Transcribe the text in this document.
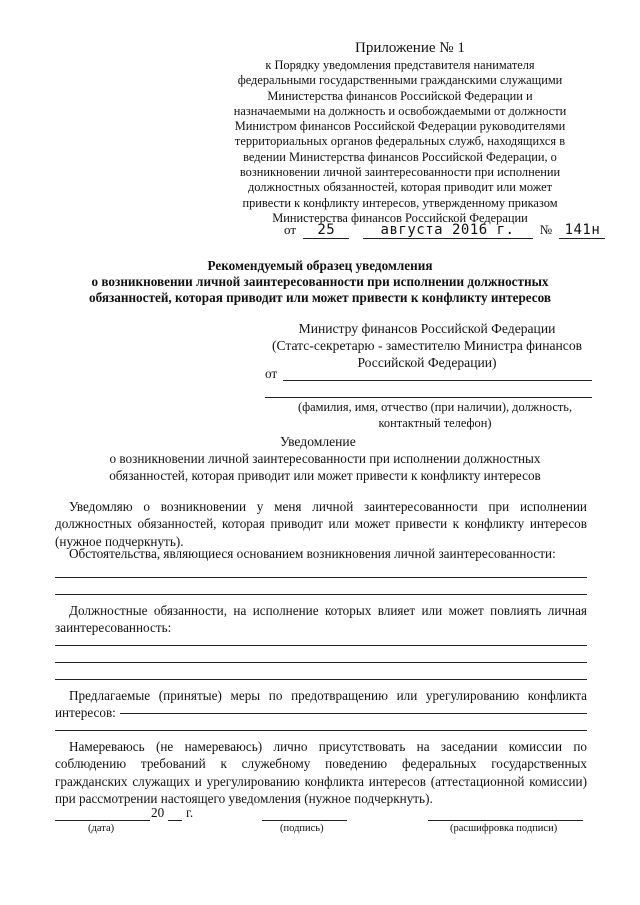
Приложение № 1
к Порядку уведомления представителя нанимателя
федеральными государственными гражданскими служащими
Министерства финансов Российской Федерации и
назначаемыми на должность и освобождаемыми от должности
Министром финансов Российской Федерации руководителями
территориальных органов федеральных служб, находящихся в
ведении Министерства финансов Российской Федерации, о
возникновении личной заинтересованности при исполнении
должностных обязанностей, которая приводит или может
привести к конфликту интересов, утвержденному приказом
Министерства финансов Российской Федерации
от 25	августа 2016 г. № 141н
Рекомендуемый образец уведомления
о возникновении личной заинтересованности при исполнении должностных
обязанностей, которая приводит или может привести к конфликту интересов
Министру финансов Российской Федерации
(Статс-секретарю - заместителю Министра финансов
Российской Федерации)
от
(фамилия, имя, отчество (при наличии), должность,
контактный телефон)
Уведомление
о возникновении личной заинтересованности при исполнении должностных
обязанностей, которая приводит или может привести к конфликту интересов
Уведомляю о возникновении у меня личной заинтересованности при исполнении должностных обязанностей, которая приводит или может привести к конфликту интересов (нужное подчеркнуть).
Обстоятельства, являющиеся основанием возникновения личной заинтересованности:
Должностные обязанности, на исполнение которых влияет или может повлиять личная заинтересованность:
Предлагаемые (принятые) меры по предотвращению или урегулированию конфликта интересов:
Намереваюсь (не намереваюсь) лично присутствовать на заседании комиссии по соблюдению требований к служебному поведению федеральных государственных гражданских служащих и урегулированию конфликта интересов (аттестационной комиссии) при рассмотрении настоящего уведомления (нужное подчеркнуть).
20 г.
(дата)	(подпись)	(расшифровка подписи)
